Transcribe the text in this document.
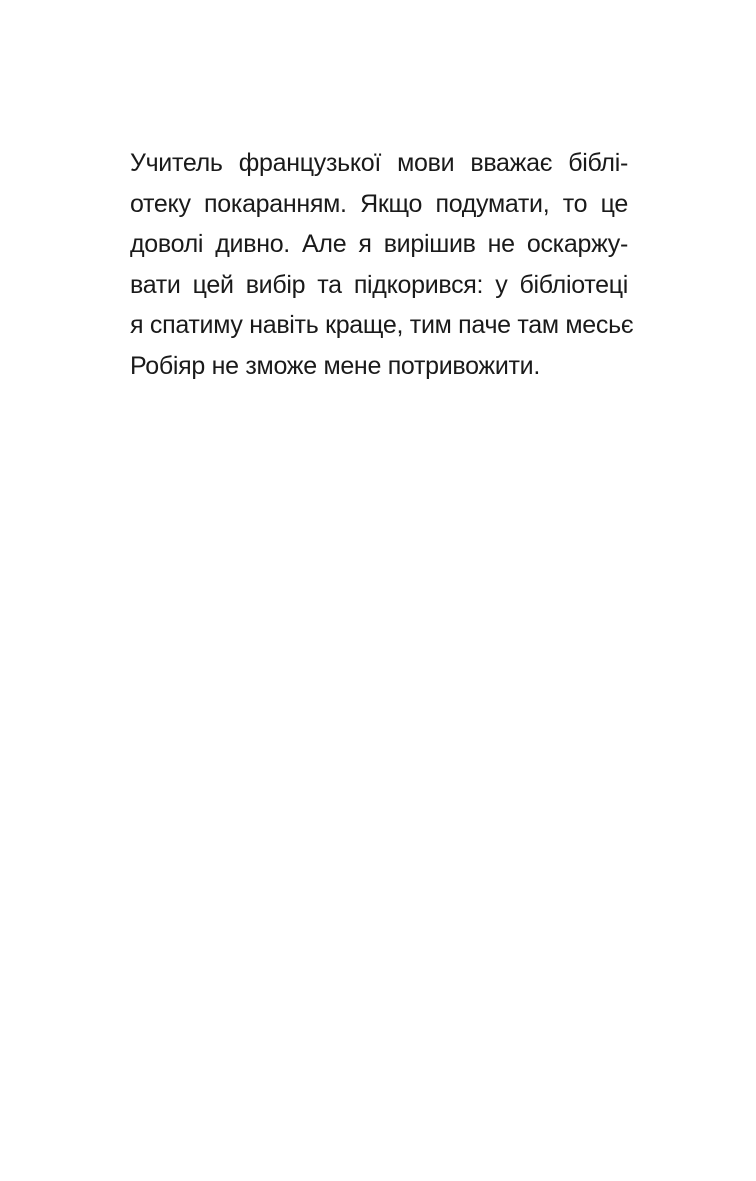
Учитель французької мови вважає біблі-
отеку покаранням. Якщо подумати, то це
доволі дивно. Але я вирішив не оскаржу-
вати цей вибір та підкорився: у бібліотеці
я спатиму навіть краще, тим паче там месьє
Робіяр не зможе мене потривожити.
